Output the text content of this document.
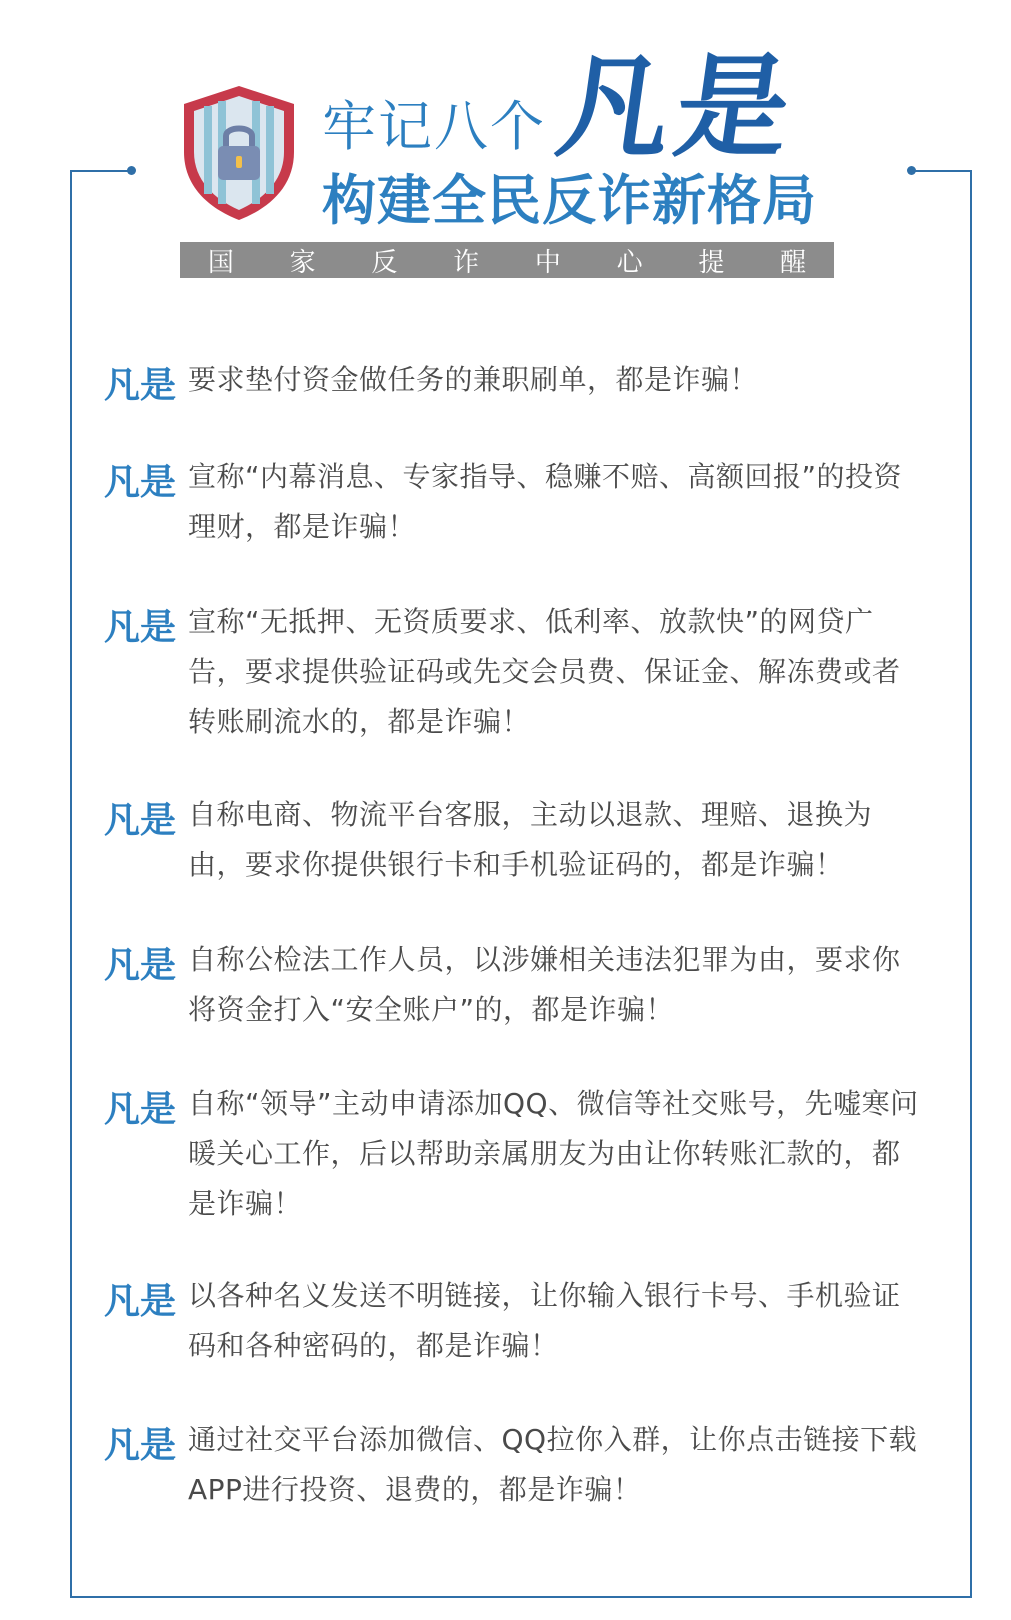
牢记八个 凡是
构建全民反诈新格局
国 家 反 诈 中 心 提 醒
凡是 要求垫付资金做任务的兼职刷单，都是诈骗！
凡是 宣称“内幕消息、专家指导、稳赚不赔、高额回报”的投资理财，都是诈骗！
凡是 宣称“无抵押、无资质要求、低利率、放款快”的网贷广告，要求提供验证码或先交会员费、保证金、解冻费或者转账刷流水的，都是诈骗！
凡是 自称电商、物流平台客服，主动以退款、理赔、退换为由，要求你提供银行卡和手机验证码的，都是诈骗！
凡是 自称公检法工作人员，以涉嫌相关违法犯罪为由，要求你将资金打入“安全账户”的，都是诈骗！
凡是 自称“领导”主动申请添加QQ、微信等社交账号，先嘘寒问暖关心工作，后以帮助亲属朋友为由让你转账汇款的，都是诈骗！
凡是 以各种名义发送不明链接，让你输入银行卡号、手机验证码和各种密码的，都是诈骗！
凡是 通过社交平台添加微信、QQ拉你入群，让你点击链接下载APP进行投资、退费的，都是诈骗！
